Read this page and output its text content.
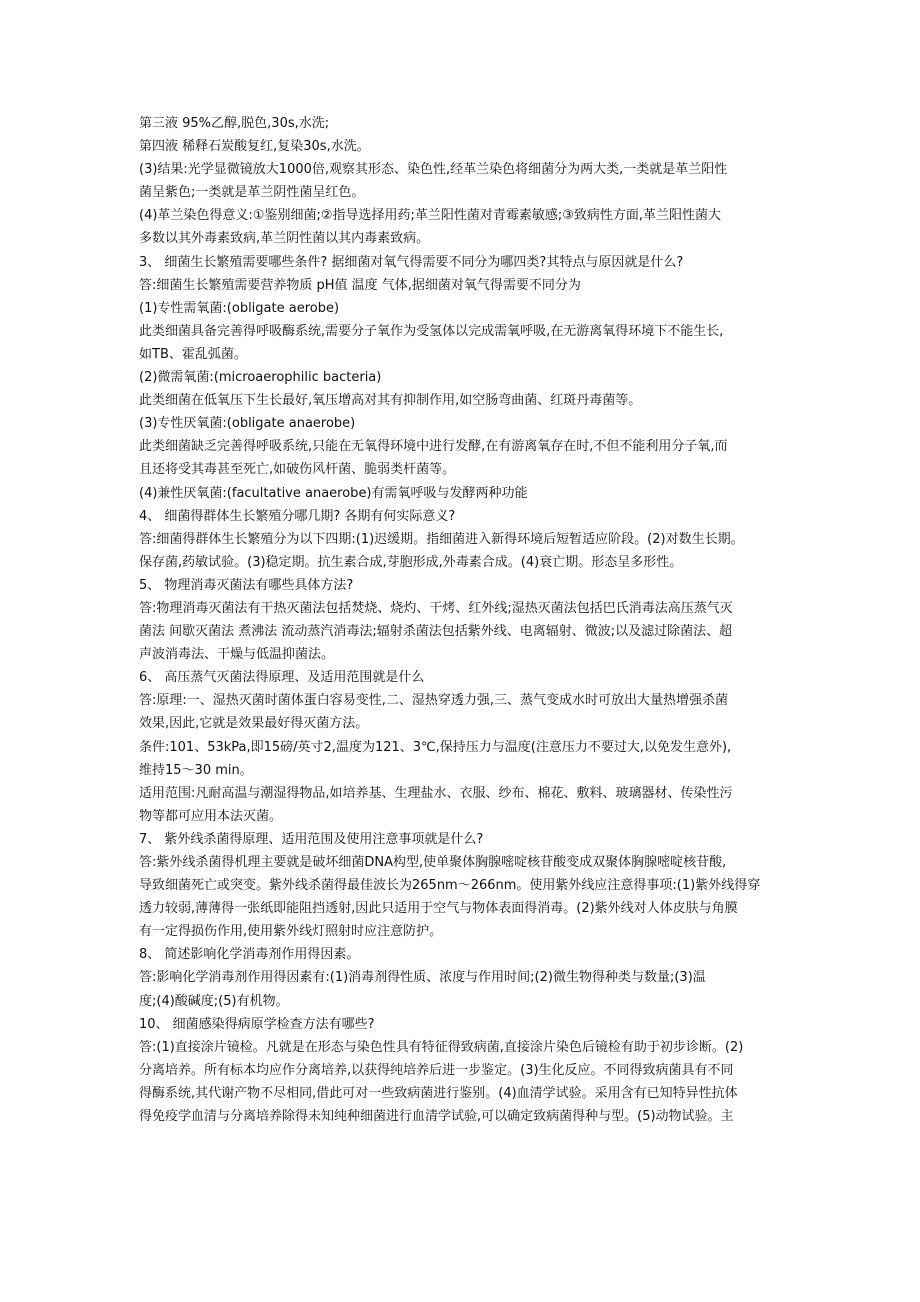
第三液 95%乙醇,脱色,30s,水洗;
第四液 稀释石炭酸复红,复染30s,水洗。
(3)结果:光学显微镜放大1000倍,观察其形态、染色性,经革兰染色将细菌分为两大类,一类就是革兰阳性
菌呈紫色;一类就是革兰阴性菌呈红色。
(4)革兰染色得意义:①鉴别细菌;②指导选择用药;革兰阳性菌对青霉素敏感;③致病性方面,革兰阳性菌大
多数以其外毒素致病,革兰阴性菌以其内毒素致病。
3、 细菌生长繁殖需要哪些条件? 据细菌对氧气得需要不同分为哪四类?其特点与原因就是什么?
答:细菌生长繁殖需要营养物质 pH值 温度 气体,据细菌对氧气得需要不同分为
(1)专性需氧菌:(obligate aerobe)
此类细菌具备完善得呼吸酶系统,需要分子氧作为受氢体以完成需氧呼吸,在无游离氧得环境下不能生长,
如TB、霍乱弧菌。
(2)微需氧菌:(microaerophilic bacteria)
此类细菌在低氧压下生长最好,氧压增高对其有抑制作用,如空肠弯曲菌、红斑丹毒菌等。
(3)专性厌氧菌:(obligate anaerobe)
此类细菌缺乏完善得呼吸系统,只能在无氧得环境中进行发酵,在有游离氧存在时,不但不能利用分子氧,而
且还将受其毒甚至死亡,如破伤风杆菌、脆弱类杆菌等。
(4)兼性厌氧菌:(facultative anaerobe)有需氧呼吸与发酵两种功能
4、 细菌得群体生长繁殖分哪几期? 各期有何实际意义?
答:细菌得群体生长繁殖分为以下四期:(1)迟缓期。指细菌进入新得环境后短暂适应阶段。(2)对数生长期。
保存菌,药敏试验。(3)稳定期。抗生素合成,芽胞形成,外毒素合成。(4)衰亡期。形态呈多形性。
5、 物理消毒灭菌法有哪些具体方法?
答:物理消毒灭菌法有干热灭菌法包括焚烧、烧灼、干烤、红外线;湿热灭菌法包括巴氏消毒法高压蒸气灭
菌法 间歇灭菌法 煮沸法 流动蒸汽消毒法;辐射杀菌法包括紫外线、电离辐射、微波;以及滤过除菌法、超
声波消毒法、干燥与低温抑菌法。
6、 高压蒸气灭菌法得原理、及适用范围就是什么
答:原理:一、湿热灭菌时菌体蛋白容易变性,二、湿热穿透力强,三、蒸气变成水时可放出大量热增强杀菌
效果,因此,它就是效果最好得灭菌方法。
条件:101、53kPa,即15磅/英寸2,温度为121、3℃,保持压力与温度(注意压力不要过大,以免发生意外),
维持15～30 min。
适用范围:凡耐高温与潮湿得物品,如培养基、生理盐水、衣服、纱布、棉花、敷料、玻璃器材、传染性污
物等都可应用本法灭菌。
7、 紫外线杀菌得原理、适用范围及使用注意事项就是什么?
答:紫外线杀菌得机理主要就是破坏细菌DNA构型,使单聚体胸腺嘧啶核苷酸变成双聚体胸腺嘧啶核苷酸,
导致细菌死亡或突变。紫外线杀菌得最佳波长为265nm～266nm。使用紫外线应注意得事项:(1)紫外线得穿
透力较弱,薄薄得一张纸即能阻挡透射,因此只适用于空气与物体表面得消毒。(2)紫外线对人体皮肤与角膜
有一定得损伤作用,使用紫外线灯照射时应注意防护。
8、 简述影响化学消毒剂作用得因素。
答:影响化学消毒剂作用得因素有:(1)消毒剂得性质、浓度与作用时间;(2)微生物得种类与数量;(3)温
度;(4)酸碱度;(5)有机物。
10、 细菌感染得病原学检查方法有哪些?
答:(1)直接涂片镜检。凡就是在形态与染色性具有特征得致病菌,直接涂片染色后镜检有助于初步诊断。(2)
分离培养。所有标本均应作分离培养,以获得纯培养后进一步鉴定。(3)生化反应。不同得致病菌具有不同
得酶系统,其代谢产物不尽相同,借此可对一些致病菌进行鉴别。(4)血清学试验。采用含有已知特异性抗体
得免疫学血清与分离培养除得未知纯种细菌进行血清学试验,可以确定致病菌得种与型。(5)动物试验。主
